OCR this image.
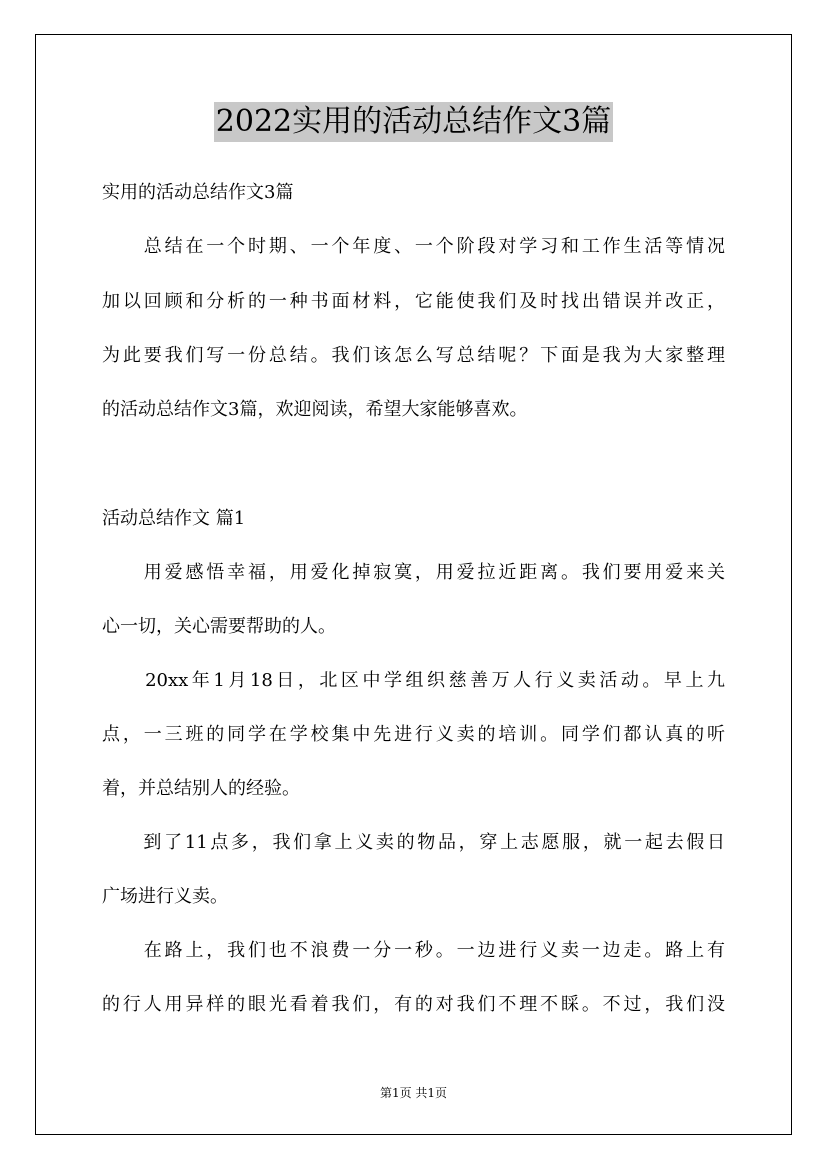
2022实用的活动总结作文3篇
实用的活动总结作文3篇
　　总结在一个时期、一个年度、一个阶段对学习和工作生活等情况
加以回顾和分析的一种书面材料，它能使我们及时找出错误并改正，
为此要我们写一份总结。我们该怎么写总结呢？下面是我为大家整理
的活动总结作文3篇，欢迎阅读，希望大家能够喜欢。
活动总结作文 篇1
　　用爱感悟幸福，用爱化掉寂寞，用爱拉近距离。我们要用爱来关
心一切，关心需要帮助的人。
　　20xx年1月18日，北区中学组织慈善万人行义卖活动。早上九
点，一三班的同学在学校集中先进行义卖的培训。同学们都认真的听
着，并总结别人的经验。
　　到了11点多，我们拿上义卖的物品，穿上志愿服，就一起去假日
广场进行义卖。
　　在路上，我们也不浪费一分一秒。一边进行义卖一边走。路上有
的行人用异样的眼光看着我们，有的对我们不理不睬。不过，我们没
第1页 共1页
